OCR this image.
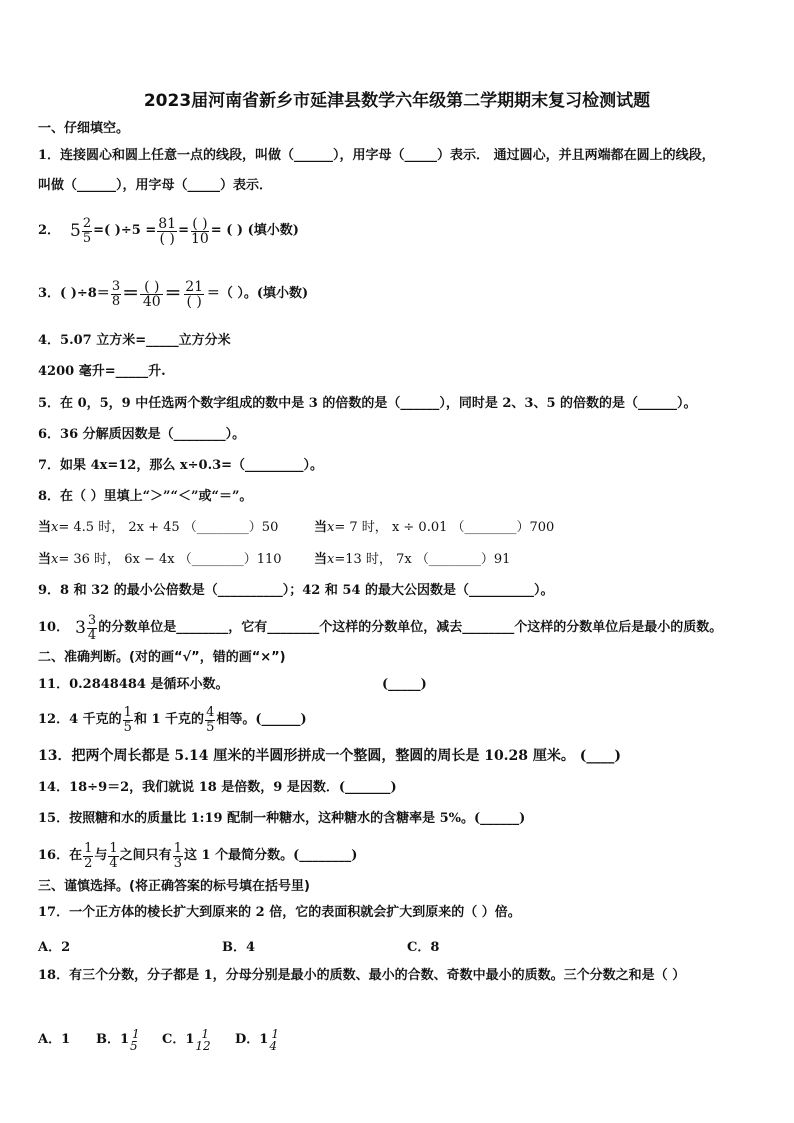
2023届河南省新乡市延津县数学六年级第二学期期末复习检测试题
一、仔细填空。
1．连接圆心和圆上任意一点的线段，叫做（______），用字母（_____）表示． 通过圆心，并且两端都在圆上的线段，
叫做（______），用字母（_____）表示．
2． $5 \frac{2}{5}$ =( )$\div 5 = \frac{81}{( )} = \frac{( )}{10}$ = ( ) (填小数)
3．( )$\div 8= \frac{3}{8} = \frac{( )}{40} = \frac{21}{( )}$ ＝（ ）。(填小数)
4．5.07 立方米=_____立方分米
4200 毫升=_____升.
5．在 0，5，9 中任选两个数字组成的数中是 3 的倍数的是（______），同时是 2、3、5 的倍数的是（______）。
6．36 分解质因数是（________）。
7．如果 4x=12，那么 x÷0.3=（_________）。
8．在（ ）里填上“＞”“＜”或“＝”。
当x= 4.5 时， 2x + 45 （________）50	当x= 7 时， x ÷ 0.01 （________）700
当x= 36 时， 6x − 4x （________）110 当x=13 时， 7x （________）91
9．8 和 32 的最小公倍数是（__________）；42 和 54 的最大公因数是（__________）。
10． $3 \frac{3}{4}$ 的分数单位是________，它有________个这样的分数单位，减去________个这样的分数单位后是最小的质数。
二、准确判断。(对的画“√”，错的画“×”)
11．0.2848484 是循环小数。	(_____)
12．4 千克的 $\frac{1}{5}$ 和 1 千克的 $\frac{4}{5}$ 相等。(______)
13．把两个周长都是 5.14 厘米的半圆形拼成一个整圆，整圆的周长是 10.28 厘米。 (____)
14．18÷9＝2，我们就说 18 是倍数，9 是因数．(_______)
15．按照糖和水的质量比 1:19 配制一种糖水，这种糖水的含糖率是 5%。(______)
16．在 $\frac{1}{2}$ 与 $\frac{1}{4}$ 之间只有 $\frac{1}{3}$ 这 1 个最简分数。(________)
三、谨慎选择。(将正确答案的标号填在括号里)
17．一个正方体的棱长扩大到原来的 2 倍，它的表面积就会扩大到原来的（ ）倍。
A．2	B．4	C．8
18．有三个分数，分子都是 1，分母分别是最小的质数、最小的合数、奇数中最小的质数。三个分数之和是（ ）
A．1 B．1 1
5 C．1 1
12 D．1 1
4
